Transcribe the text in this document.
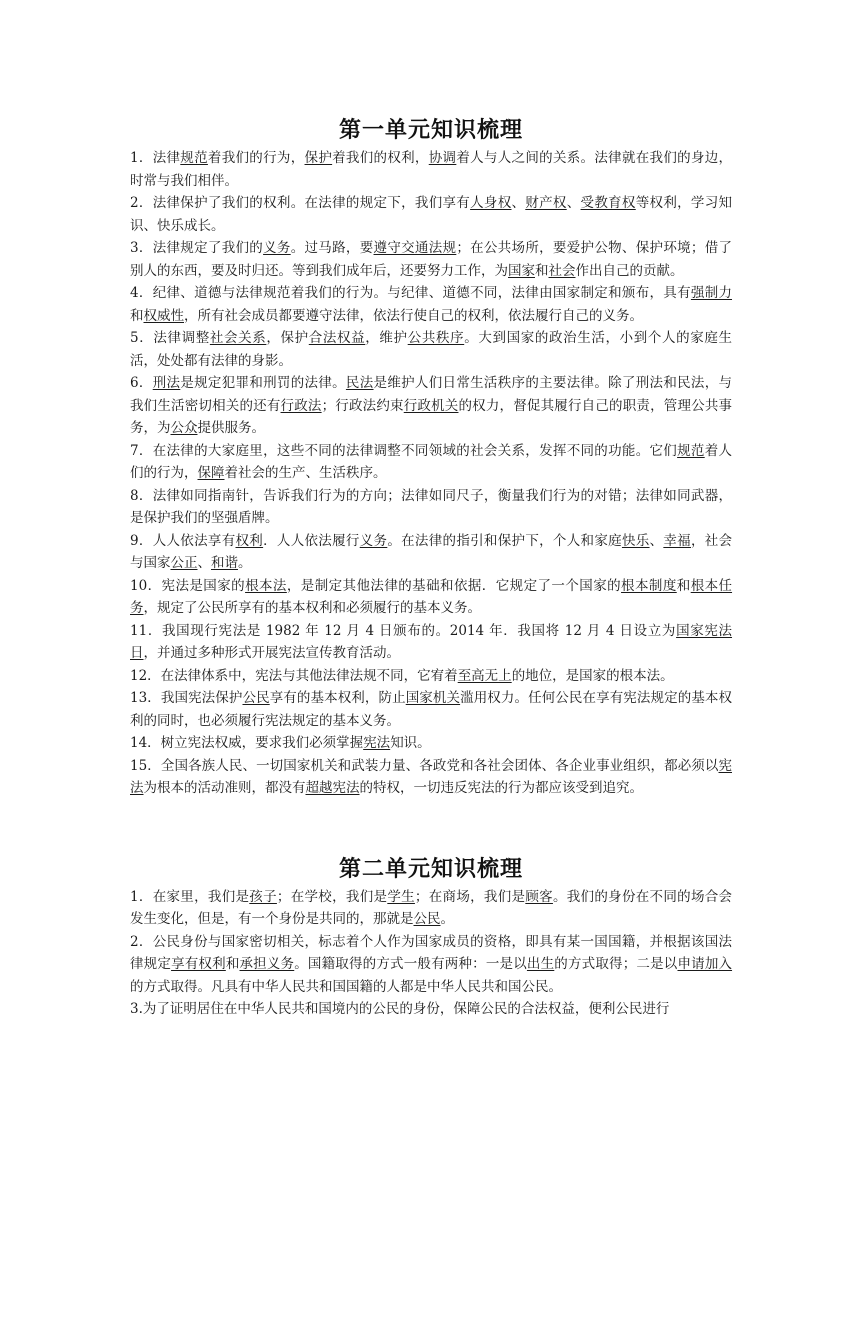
第一单元知识梳理

1．法律规范着我们的行为，保护着我们的权利，协调着人与人之间的关系。法律就在我们的身边，时常与我们相伴。

2．法律保护了我们的权利。在法律的规定下，我们享有人身权、财产权、受教育权等权利，学习知识、快乐成长。

3．法律规定了我们的义务。过马路，要遵守交通法规；在公共场所，要爱护公物、保护环境；借了别人的东西，要及时归还。等到我们成年后，还要努力工作，为国家和社会作出自己的贡献。

4．纪律、道德与法律规范着我们的行为。与纪律、道德不同，法律由国家制定和颁布，具有强制力和权威性，所有社会成员都要遵守法律，依法行使自己的权利，依法履行自己的义务。

5．法律调整社会关系，保护合法权益，维护公共秩序。大到国家的政治生活，小到个人的家庭生活，处处都有法律的身影。

6．刑法是规定犯罪和刑罚的法律。民法是维护人们日常生活秩序的主要法律。除了刑法和民法，与我们生活密切相关的还有行政法；行政法约束行政机关的权力，督促其履行自己的职责，管理公共事务，为公众提供服务。

7．在法律的大家庭里，这些不同的法律调整不同领域的社会关系，发挥不同的功能。它们规范着人们的行为，保障着社会的生产、生活秩序。

8．法律如同指南针，告诉我们行为的方向；法律如同尺子，衡量我们行为的对错；法律如同武器，是保护我们的坚强盾牌。

9．人人依法享有权利．人人依法履行义务。在法律的指引和保护下，个人和家庭快乐、幸福，社会与国家公正、和谐。

10．宪法是国家的根本法，是制定其他法律的基础和依据．它规定了一个国家的根本制度和根本任务，规定了公民所享有的基本权利和必须履行的基本义务。

11．我国现行宪法是 1982 年 12 月 4 日颁布的。2014 年．我国将 12 月 4 日设立为国家宪法日，并通过多种形式开展宪法宣传教育活动。

12．在法律体系中，宪法与其他法律法规不同，它宥着至高无上的地位，是国家的根本法。

13．我国宪法保护公民享有的基本权利，防止国家机关滥用权力。任何公民在享有宪法规定的基本权利的同时，也必须履行宪法规定的基本义务。

14．树立宪法权威，要求我们必须掌握宪法知识。

15．全国各族人民、一切国家机关和武装力量、各政党和各社会团体、各企业事业组织，都必须以宪法为根本的活动准则，都没有超越宪法的特权，一切违反宪法的行为都应该受到追究。

第二单元知识梳理

1．在家里，我们是孩子；在学校，我们是学生；在商场，我们是顾客。我们的身份在不同的场合会发生变化，但是，有一个身份是共同的，那就是公民。

2．公民身份与国家密切相关，标志着个人作为国家成员的资格，即具有某一国国籍，并根据该国法律规定享有权利和承担义务。国籍取得的方式一般有两种：一是以出生的方式取得；二是以申请加入的方式取得。凡具有中华人民共和国国籍的人都是中华人民共和国公民。

3.为了证明居住在中华人民共和国境内的公民的身份，保障公民的合法权益，便利公民进行
